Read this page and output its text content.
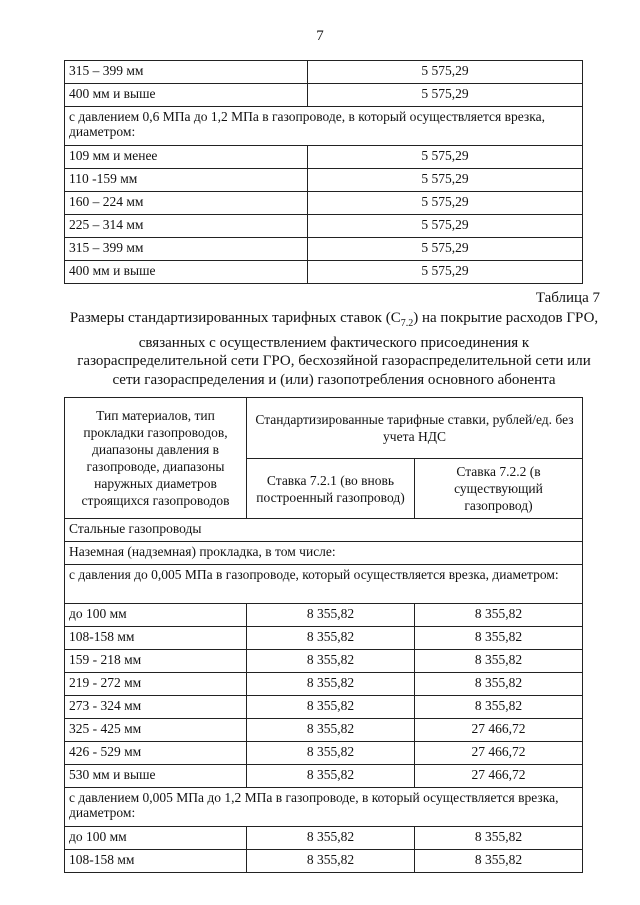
7
315 – 399 мм	5 575,29
400 мм и выше	5 575,29
с давлением 0,6 МПа до 1,2 МПа в газопроводе, в который осуществляется врезка, диаметром:	
109 мм и менее	5 575,29
110 -159 мм	5 575,29
160 – 224 мм	5 575,29
225 – 314 мм	5 575,29
315 – 399 мм	5 575,29
400 мм и выше	5 575,29
Таблица 7
Размеры стандартизированных тарифных ставок $(С_{7.2})$ на покрытие расходов ГРО, связанных с осуществлением фактического присоединения к газораспределительной сети ГРО, бесхозяйной газораспределительной сети или сети газораспределения и (или) газопотребления основного абонента
Тип материалов, тип прокладки газопроводов, диапазоны давления в газопроводе, диапазоны наружных диаметров строящихся газопроводов	Стандартизированные тарифные ставки, рублей/ед. без учета НДС	
	Ставка 7.2.1 (во вновь построенный газопровод)	Ставка 7.2.2 (в существующий газопровод)
Стальные газопроводы		
Наземная (надземная) прокладка, в том числе:		
с давления до 0,005 МПа в газопроводе, который осуществляется врезка, диаметром:		
до 100 мм	8 355,82	8 355,82
108-158 мм	8 355,82	8 355,82
159 - 218 мм	8 355,82	8 355,82
219 - 272 мм	8 355,82	8 355,82
273 - 324 мм	8 355,82	8 355,82
325 - 425 мм	8 355,82	27 466,72
426 - 529 мм	8 355,82	27 466,72
530 мм и выше	8 355,82	27 466,72
с давлением 0,005 МПа до 1,2 МПа в газопроводе, в который осуществляется врезка, диаметром:		
до 100 мм	8 355,82	8 355,82
108-158 мм	8 355,82	8 355,82
